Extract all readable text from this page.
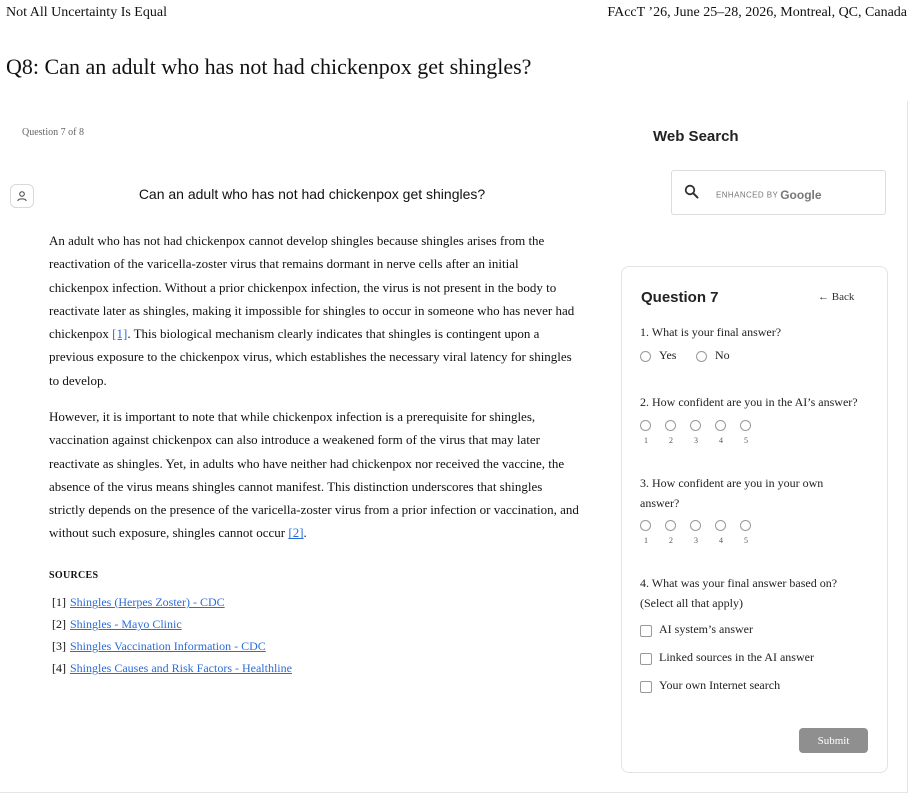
Not All Uncertainty Is Equal	FAccT ’26, June 25–28, 2026, Montreal, QC, Canada
Q8: Can an adult who has not had chickenpox get shingles?
Question 7 of 8
Can an adult who has not had chickenpox get shingles?
An adult who has not had chickenpox cannot develop shingles because shingles arises from the reactivation of the varicella-zoster virus that remains dormant in nerve cells after an initial chickenpox infection. Without a prior chickenpox infection, the virus is not present in the body to reactivate later as shingles, making it impossible for shingles to occur in someone who has never had chickenpox [1]. This biological mechanism clearly indicates that shingles is contingent upon a previous exposure to the chickenpox virus, which establishes the necessary viral latency for shingles to develop.
However, it is important to note that while chickenpox infection is a prerequisite for shingles, vaccination against chickenpox can also introduce a weakened form of the virus that may later reactivate as shingles. Yet, in adults who have neither had chickenpox nor received the vaccine, the absence of the virus means shingles cannot manifest. This distinction underscores that shingles strictly depends on the presence of the varicella-zoster virus from a prior infection or vaccination, and without such exposure, shingles cannot occur [2].
SOURCES
[1] Shingles (Herpes Zoster) - CDC
[2] Shingles - Mayo Clinic
[3] Shingles Vaccination Information - CDC
[4] Shingles Causes and Risk Factors - Healthline
Web Search
ENHANCED BY Google
Question 7	← Back
1. What is your final answer?
Yes	No
2. How confident are you in the AI’s answer?
1	2	3	4	5
3. How confident are you in your own answer?
1	2	3	4	5
4. What was your final answer based on? (Select all that apply)
AI system’s answer
Linked sources in the AI answer
Your own Internet search
Submit
